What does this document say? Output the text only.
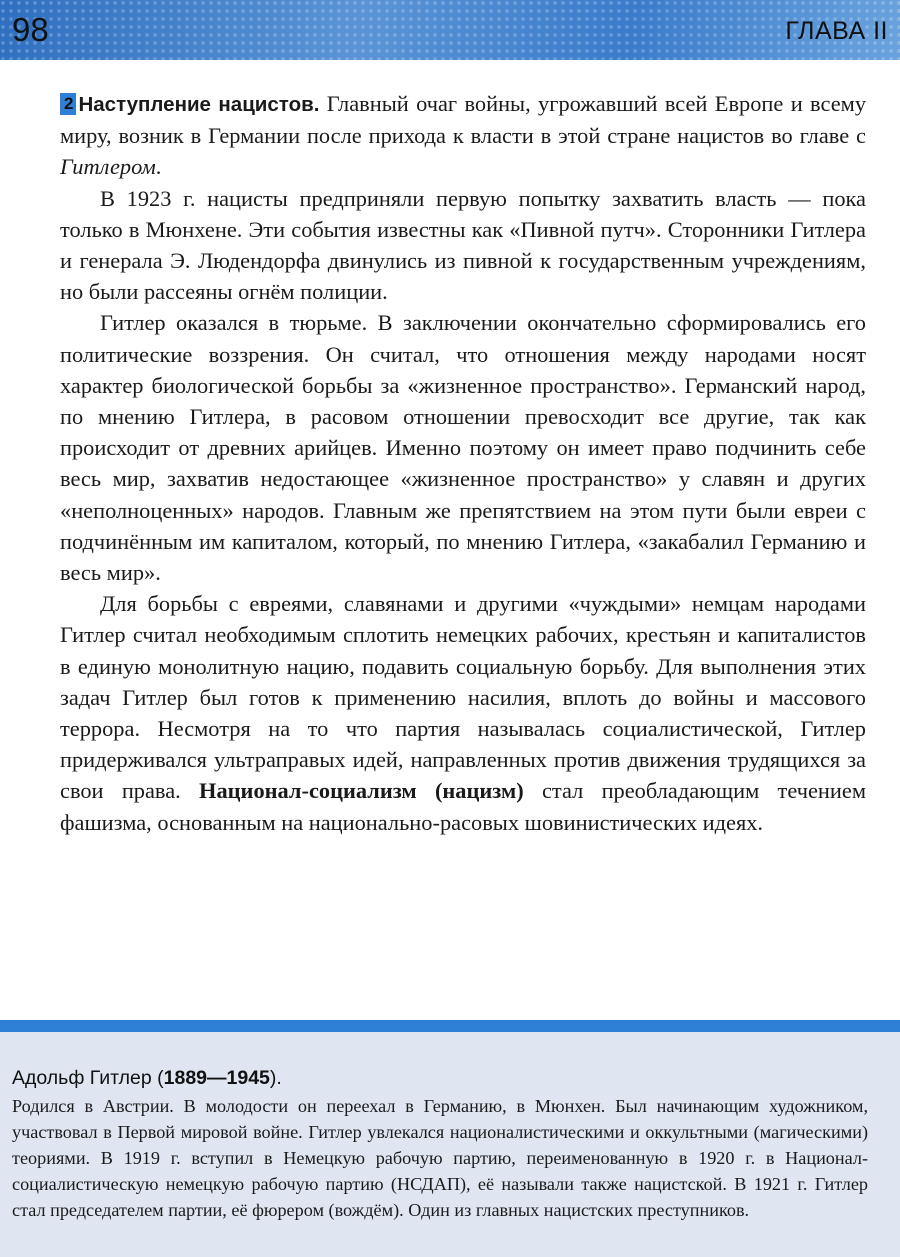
98	ГЛАВА II

2 Наступление нацистов. Главный очаг войны, угрожавший всей Европе и всему миру, возник в Германии после прихода к власти в этой стране нацистов во главе с Гитлером.

В 1923 г. нацисты предприняли первую попытку захватить власть — пока только в Мюнхене. Эти события известны как «Пивной путч». Сторонники Гитлера и генерала Э. Людендорфа двинулись из пивной к государственным учреждениям, но были рассеяны огнём полиции.

Гитлер оказался в тюрьме. В заключении окончательно сформировались его политические воззрения. Он считал, что отношения между народами носят характер биологической борьбы за «жизненное пространство». Германский народ, по мнению Гитлера, в расовом отношении превосходит все другие, так как происходит от древних арийцев. Именно поэтому он имеет право подчинить себе весь мир, захватив недостающее «жизненное пространство» у славян и других «неполноценных» народов. Главным же препятствием на этом пути были евреи с подчинённым им капиталом, который, по мнению Гитлера, «закабалил Германию и весь мир».

Для борьбы с евреями, славянами и другими «чуждыми» немцам народами Гитлер считал необходимым сплотить немецких рабочих, крестьян и капиталистов в единую монолитную нацию, подавить социальную борьбу. Для выполнения этих задач Гитлер был готов к применению насилия, вплоть до войны и массового террора. Несмотря на то что партия называлась социалистической, Гитлер придерживался ультраправых идей, направленных против движения трудящихся за свои права. Национал-социализм (нацизм) стал преобладающим течением фашизма, основанным на национально-расовых шовинистических идеях.

Адольф Гитлер (1889—1945).
Родился в Австрии. В молодости он переехал в Германию, в Мюнхен. Был начинающим художником, участвовал в Первой мировой войне. Гитлер увлекался националистическими и оккультными (магическими) теориями. В 1919 г. вступил в Немецкую рабочую партию, переименованную в 1920 г. в Национал-социалистическую немецкую рабочую партию (НСДАП), её называли также нацистской. В 1921 г. Гитлер стал председателем партии, её фюрером (вождём). Один из главных нацистских преступников.
